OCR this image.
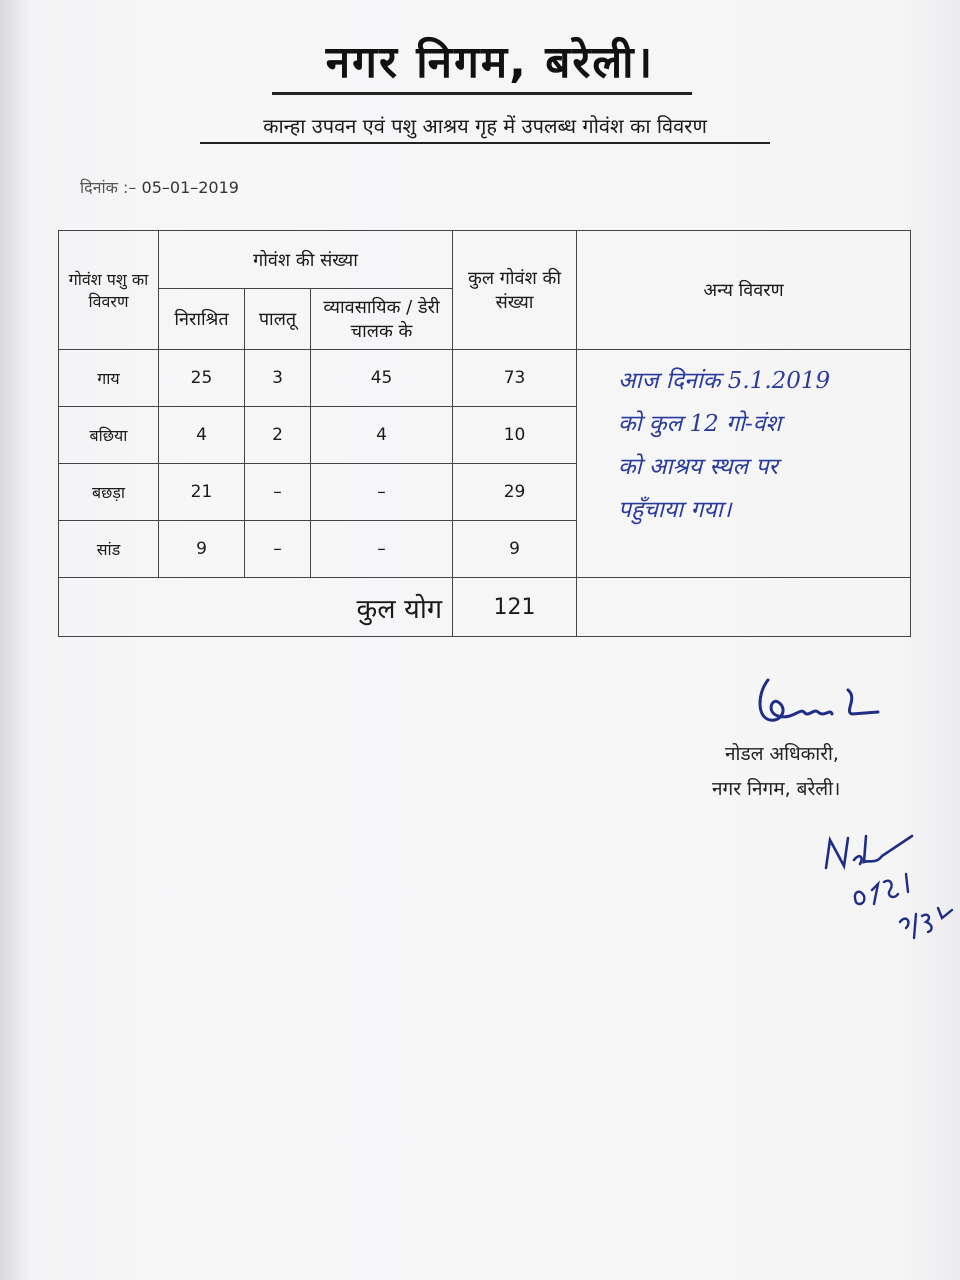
नगर निगम, बरेली।
कान्हा उपवन एवं पशु आश्रय गृह में उपलब्ध गोवंश का विवरण
दिनांक :– 05–01–2019
गोवंश पशु का विवरण	गोवंश की संख्या			कुल गोवंश की संख्या	अन्य विवरण
	निराश्रित	पालतू	व्यावसायिक / डेरी चालक के		
गाय	25	3	45	73	
बछिया	4	2	4	10	
बछड़ा	21	–	–	29	
सांड	9	–	–	9	
	कुल योग			121	
आज दिनांक 5.1.2019
को कुल 12 गो-वंश
को आश्रय स्थल पर
पहुँचाया गया।
नोडल अधिकारी,
नगर निगम, बरेली।
